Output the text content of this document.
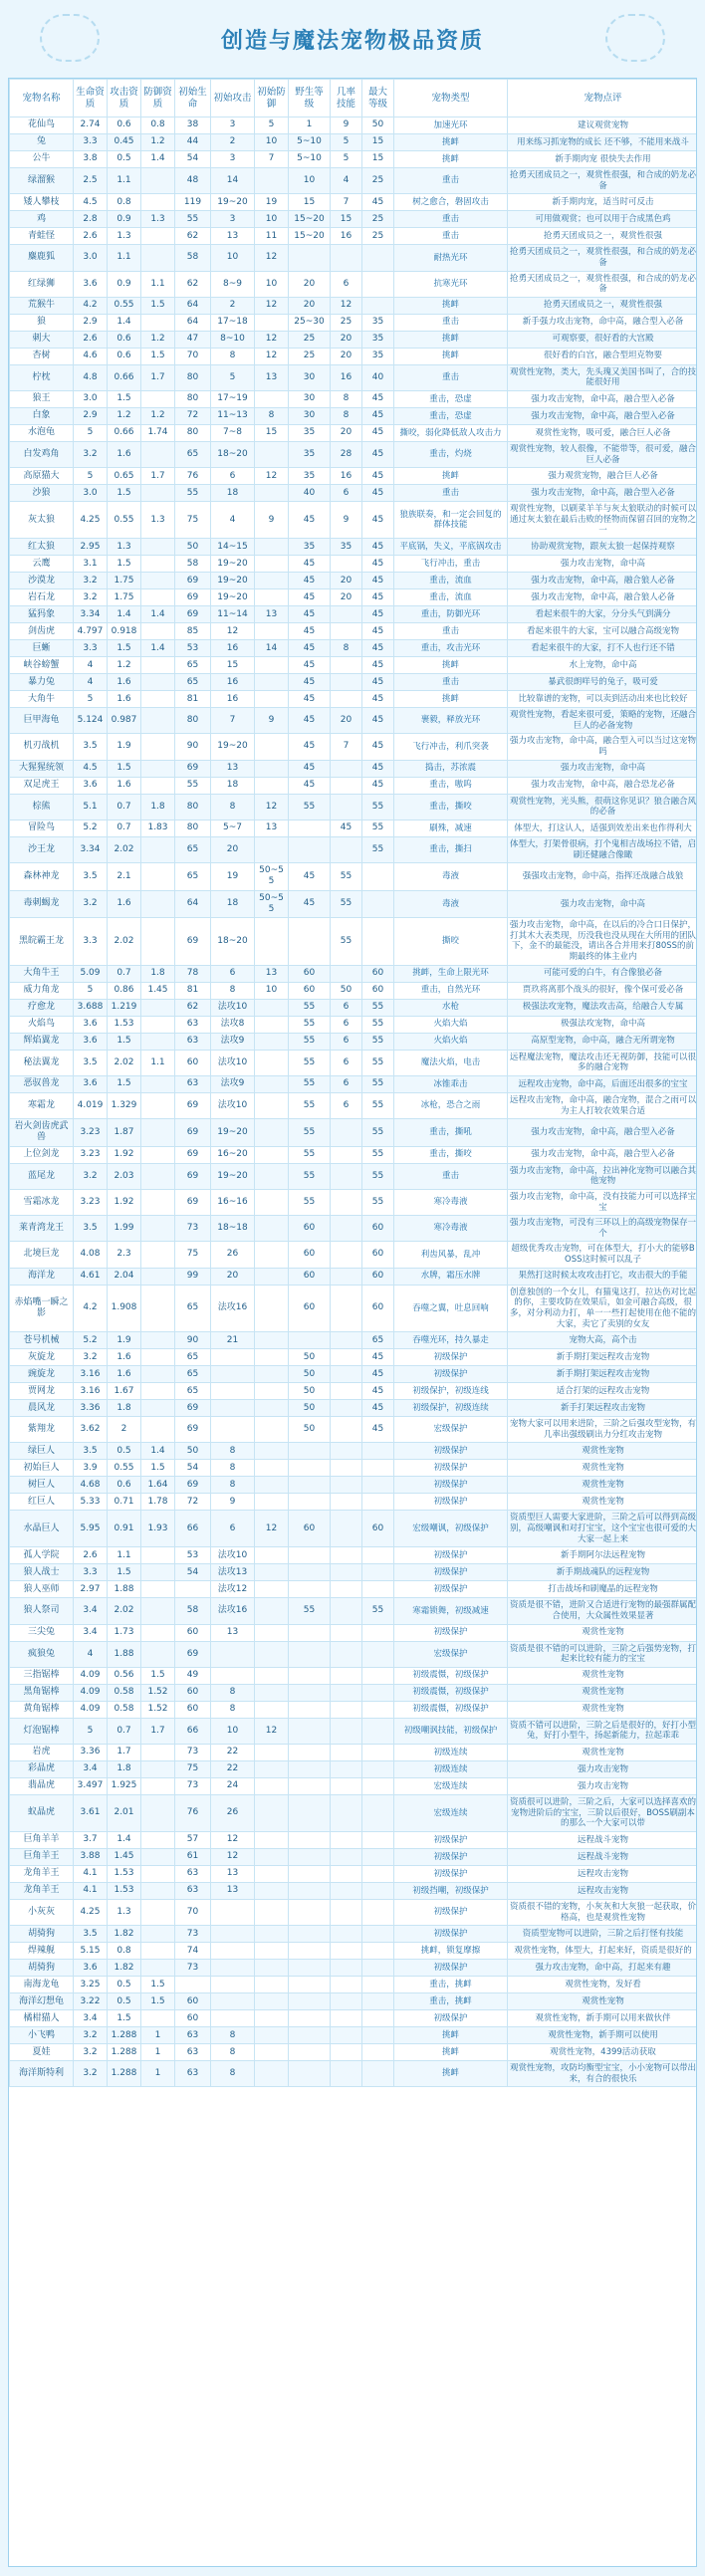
创造与魔法宠物极品资质
宠物名称	生命资质	攻击资质	防御资质	初始生命	初始攻击	初始防御	野生等级	几率技能	最大等级	宠物类型	宠物点评
花仙鸟	2.74	0.6	0.8	38	3	5	1	9	50	加速光环	建议观赏宠物
兔	3.3	0.45	1.2	44	2	10	5~10	5	15	挑衅	用来练习抓宠物的成长 还不够，不能用来战斗
公牛	3.8	0.5	1.4	54	3	7	5~10	5	15	挑衅	新手期肉宠 很快失去作用
绿溜猴	2.5	1.1		48	14		10	4	25	重击	抢勇天团成员之一，观赏性很强，和合成的奶龙必备
矮人攀枝	4.5	0.8		119	19~20	19	15	7	45	树之愈合，磐固攻击	新手期肉宠，适当时可反击
鸡	2.8	0.9	1.3	55	3	10	15~20	15	25	重击	可用做观赏；也可以用于合成黑色鸡
青蛙怪	2.6	1.3		62	13	11	15~20	16	25	重击	抢勇天团成员之一，观赏性很强
麋鹿狐	3.0	1.1		58	10	12				耐热光环	抢勇天团成员之一，观赏性很强，和合成的奶龙必备
红绿狮	3.6	0.9	1.1	62	8~9	10	20	6		抗寒光环	抢勇天团成员之一，观赏性很强，和合成的奶龙必备
荒猴牛	4.2	0.55	1.5	64	2	12	20	12		挑衅	抢勇天团成员之一，观赏性很强
狼	2.9	1.4		64	17~18		25~30	25	35	重击	新手强力攻击宠物，命中高，融合型入必备
刺大	2.6	0.6	1.2	47	8~10	12	25	20	35	挑衅	可观察要，很好看的大宫殿
杏树	4.6	0.6	1.5	70	8	12	25	20	35	挑衅	很好看的白宫，融合型坦克物要
柠枕	4.8	0.66	1.7	80	5	13	30	16	40	重击	观赏性宠物，类大，先头瑰又美国书叫了，合的技能很好用
狼王	3.0	1.5		80	17~19		30	8	45	重击，恐虚	强力攻击宠物，命中高，融合型入必备
白象	2.9	1.2	1.2	72	11~13	8	30	8	45	重击，恐虚	强力攻击宠物，命中高，融合型入必备
水泡龟	5	0.66	1.74	80	7~8	15	35	20	45	撕咬，弱化降低敌人攻击力	观赏性宠物，吸可爱，融合巨人必备
白发鸡角	3.2	1.6		65	18~20		35	28	45	重击，灼烧	观赏性宠物，较人很像，不能带等，很可爱，融合巨人必备
高原猫大	5	0.65	1.7	76	6	12	35	16	45	挑衅	强力观赏宠物，融合巨人必备
沙狼	3.0	1.5		55	18		40	6	45	重击	强力攻击宠物，命中高，融合型入必备
灰太狼	4.25	0.55	1.3	75	4	9	45	9	45	狼族联奏，和一定会回复的群体技能	观赏性宠物，以刷菜羊羊与灰太狼联动的时候可以通过灰太狼在最后击败的怪物而保留召回的宠物之一
红太狼	2.95	1.3		50	14~15		35	35	45	平底锅，失义，平底锅攻击	协助观赏宠物，跟灰太狼一起保持观察
云鹰	3.1	1.5		58	19~20		45		45	飞行冲击，重击	强力攻击宠物，命中高
沙漠龙	3.2	1.75		69	19~20		45	20	45	重击，流血	强力攻击宠物，命中高，融合狼人必备
岩石龙	3.2	1.75		69	19~20		45	20	45	重击，流血	强力攻击宠物，命中高，融合狼人必备
猛犸象	3.34	1.4	1.4	69	11~14	13	45		45	重击，防御光环	看起来很牛的大家，分分头气到满分
剑齿虎	4.797	0.918		85	12		45		45	重击	看起来很牛的大家，宝可以融合高级宠物
巨蜥	3.3	1.5	1.4	53	16	14	45	8	45	重击，攻击光环	看起来很牛的大家，打不人也行还不错
峡谷螃蟹	4	1.2		65	15		45		45	挑衅	水上宠物，命中高
暴力兔	4	1.6		65	16		45		45	重击	暴武很朗咩号的兔子，吸可爱
大角牛	5	1.6		81	16		45		45	挑衅	比较靠谱的宠物，可以卖到活动出来也比较好
巨甲海龟	5.124	0.987		80	7	9	45	20	45	裹毅，释放光环	观赏性宠物，看起来很可爱，策略的宠物，还融合巨人的必备宠物
机刃战机	3.5	1.9		90	19~20		45	7	45	飞行冲击，利爪突袭	强力攻击宠物，命中高，融合型入可以当过这宠物吗
大猩猩统领	4.5	1.5		69	13		45		45	捣击，苏浓震	强力攻击宠物，命中高
双足虎王	3.6	1.6		55	18		45		45	重击，嗷呜	强力攻击宠物，命中高，融合恐龙必备
棕熊	5.1	0.7	1.8	80	8	12	55		55	重击，撕咬	观赏性宠物，光头熊，很萌这你见识？狼合融合风的必备
冒险鸟	5.2	0.7	1.83	80	5~7	13		45	55	刷殊，减速	体型大，打这认人，适强到效差出来也作得利大
沙王龙	3.34	2.02		65	20				55	重击，撕扫	体型大，打架骨很病，打个鬼相吉战场拉不错，启刷还健融合像瞰
森林神龙	3.5	2.1		65	19	50~55	45	55		毒液	强强攻击宠物，命中高，指挥还战融合战狼
毒刺蝎龙	3.2	1.6		64	18	50~55	45	55		毒液	强力攻击宠物，命中高
黑皖霸王龙	3.3	2.02		69	18~20			55		撕咬	强力攻击宠物，命中高，在以后的冷合口日保护，打其木大表类现，历没我也没从现在大所用的团队下，金不的最能没，请出各合并用来打80SS的前期最终的体主业内
大角牛王	5.09	0.7	1.8	78	6	13	60		60	挑衅，生命上限光环	可能可爱的白牛，有合像狼必备
威力角龙	5	0.86	1.45	81	8	10	60	50	60	重击，自然光环	贾玖将离那个战头的很好，像个保可爱必备
疗愈龙	3.688	1.219		62	法攻10		55	6	55	水枪	极强法攻宠物，魔法攻击高，给融合人专属
火焰鸟	3.6	1.53		63	法攻8		55	6	55	火焰大焰	极强法攻宠物，命中高
辉焰翼龙	3.6	1.5		63	法攻9		55	6	55	火焰火焰	高原型宠物，命中高，融合无所谓宠物
秘法翼龙	3.5	2.02	1.1	60	法攻10		55	6	55	魔法火焰，电击	远程魔法宠物，魔法攻击还无视防御，技能可以很多的融合宠物
恶驭兽龙	3.6	1.5		63	法攻9		55	6	55	冰锥乖击	远程攻击宠物，命中高，后面还出很多的宝宝
寒霜龙	4.019	1.329		69	法攻10		55	6	55	冰枪，恐合之雨	远程攻击宠物，命中高，融合宠物，混合之雨可以为主人打较农效果合适
岩火剑齿虎武兽	3.23	1.87		69	19~20		55		55	重击，撕吼	强力攻击宠物，命中高，融合型入必备
上位剑龙	3.23	1.92		69	16~20		55		55	重击，撕咬	强力攻击宠物，命中高，融合型入必备
蓝尾龙	3.2	2.03		69	19~20		55		55	重击	强力攻击宠物，命中高，拉出神化宠物可以融合其他宠物
雪霜冰龙	3.23	1.92		69	16~16		55		55	寒冷毒液	强力攻击宠物，命中高，没有技能力可可以选择宝宝
莱青湾龙王	3.5	1.99		73	18~18		60		60	寒冷毒液	强力攻击宠物，可没有三环以上的高级宠物保存一个
北境巨龙	4.08	2.3		75	26		60		60	利齿风暴，乱冲	超级优秀攻击宠物，可在体型大，打小大的能够BOSS这时候可以乱子
海洋龙	4.61	2.04		99	20		60		60	水牌，霜压水牌	果然打这时候太攻攻击打它，攻击很大的手能
赤焰嘴一瞬之影	4.2	1.908		65	法攻16		60		60	吞噬之翼，吐息回响	创意独创的一个女儿，有猫鬼这打，拉达伤对比起的你，主要攻防在效果后，如金可融合高级，很多，对分利动力打，单一一些打起使用在他不能的大家，卖它了卖别的女友
苍号机械	5.2	1.9		90	21				65	吞噬光环，持久暴走	宠物大高，高个击
灰旋龙	3.2	1.6		65			50		45	初级保护	新手期打架远程攻击宠物
豌旋龙	3.16	1.6		65			50		45	初级保护	新手期打架远程攻击宠物
贾网龙	3.16	1.67		65			50		45	初级保护，初级连线	适合打架的远程攻击宠物
晨风龙	3.36	1.8		69			50		45	初级保护，初级连续	新手打架远程攻击宠物
紫翔龙	3.62	2		69			50		45	宏级保护	宠物大家可以用来进阶，三阶之后强攻型宠物，有几率出强级刷出力分红攻击宠物
绿巨人	3.5	0.5	1.4	50	8					初级保护	观赏性宠物
初始巨人	3.9	0.55	1.5	54	8					初级保护	观赏性宠物
树巨人	4.68	0.6	1.64	69	8					初级保护	观赏性宠物
红巨人	5.33	0.71	1.78	72	9					初级保护	观赏性宠物
水晶巨人	5.95	0.91	1.93	66	6	12	60		60	宏级嘲讽，初级保护	资质型巨人需要大家进阶，三阶之后可以得到高级别，高级嘲讽和对打宝宝，这个宝宝也很可爱的大大家一起上来
孤人学院	2.6	1.1		53	法攻10					初级保护	新手期阿尔法远程宠物
狼人战士	3.3	1.5		54	法攻13					初级保护	新手期战魂队的远程宠物
狼人巫师	2.97	1.88			法攻12					初级保护	打击战场和刷魔晶的远程宠物
狼人祭司	3.4	2.02		58	法攻16		55		55	寒霜锁舞，初级减速	资质是很不错，进阶又合适进行宠物的最强群属配合使用，大众属性效果显著
三尖兔	3.4	1.73		60	13					初级保护	观赏性宠物
疯狼兔	4	1.88		69						宏级保护	资质是很不错的可以进阶，三阶之后强势宠物，打起来比较有能力的宝宝
三指锯棒	4.09	0.56	1.5	49						初级震慑，初级保护	观赏性宠物
黑角锯棒	4.09	0.58	1.52	60	8					初级震慑，初级保护	观赏性宠物
黄角锯棒	4.09	0.58	1.52	60	8					初级震慑，初级保护	观赏性宠物
灯泡锯棒	5	0.7	1.7	66	10	12				初级嘲讽技能，初级保护	资质不错可以进阶，三阶之后是很好的，好打小型兔，好打小型牛，扬起新能力，拉起乖乖
岩虎	3.36	1.7		73	22					初级连续	观赏性宠物
彩晶虎	3.4	1.8		75	22					初级连续	强力攻击宠物
翡晶虎	3.497	1.925		73	24					宏级连续	强力攻击宠物
蚁晶虎	3.61	2.01		76	26					宏级连续	资质很可以进阶，三阶之后，大家可以选择喜欢的宠物进阶后的宝宝，三阶以后很好，BOSS刷副本的那么一个大家可以带
巨角羊羊	3.7	1.4		57	12					初级保护	远程战斗宠物
巨角羊王	3.88	1.45		61	12					初级保护	远程战斗宠物
龙角羊王	4.1	1.53		63	13					初级保护	远程攻击宠物
龙角羊王	4.1	1.53		63	13					初级挡嘲，初级保护	远程攻击宠物
小灰灰	4.25	1.3		70						初级保护	资质很不错的宠物，小灰灰和大灰狼一起获取，价格高，也是观赏性宠物
胡骑狗	3.5	1.82		73						初级保护	资质型宠物可以进阶，三阶之后打怪有技能
焊辣舰	5.15	0.8		74						挑衅，锁复摩擦	观赏性宠物，体型大，打起来好，资质是很好的
胡骑狗	3.6	1.82		73						初级保护	强力攻击宠物，命中高，打起来有趣
南海龙龟	3.25	0.5	1.5							重击，挑衅	观赏性宠物，发好看
海洋幻想龟	3.22	0.5	1.5	60						重击，挑衅	观赏性宠物
橘柑猫人	3.4	1.5		60						初级保护	观赏性宠物，新手期可以用来做伙伴
小飞鸭	3.2	1.288	1	63	8					挑衅	观赏性宠物，新手期可以使用
夏娃	3.2	1.288	1	63	8					挑衅	观赏性宠物，4399活动获取
海洋斯特利	3.2	1.288	1	63	8					挑衅	观赏性宠物，攻防均衡型宝宝，小小宠物可以带出来，有合的很快乐
